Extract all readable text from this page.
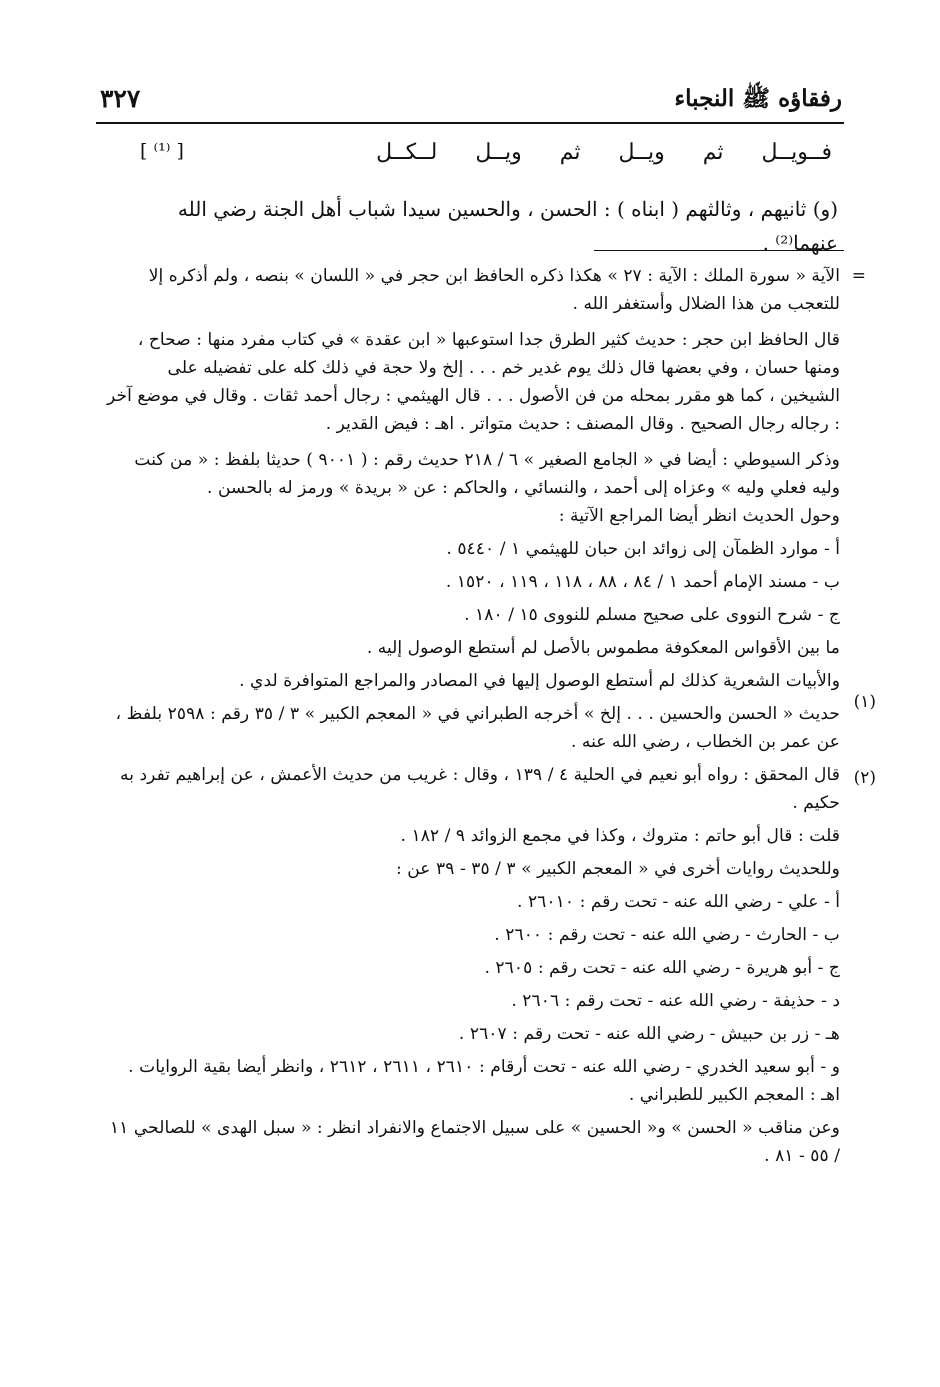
رفقاؤه ﷺ النجباء
٣٢٧
فــويــل
ثم
ويــل
ثم
ويــل
لــكــل
[ ⁽¹⁾ ]
(و) ثانيهم ، وثالثهم ( ابناه ) : الحسن ، والحسين سيدا شباب أهل الجنة رضي الله عنهما⁽²⁾ .
=
(١)
(٢)

الآية « سورة الملك : الآية : ٢٧ » هكذا ذكره الحافظ ابن حجر في « اللسان » بنصه ، ولم أذكره إلا للتعجب من هذا الضلال وأستغفر الله .

قال الحافظ ابن حجر : حديث كثير الطرق جدا استوعبها « ابن عقدة » في كتاب مفرد منها : صحاح ، ومنها حسان ، وفي بعضها قال ذلك يوم غدير خم . . . إلخ ولا حجة في ذلك كله على تفضيله على الشيخين ، كما هو مقرر بمحله من فن الأصول . . . قال الهيثمي : رجال أحمد ثقات . وقال في موضع آخر : رجاله رجال الصحيح . وقال المصنف : حديث متواتر . اهـ : فيض القدير .

وذكر السيوطي : أيضا في « الجامع الصغير » ٦ / ٢١٨ حديث رقم : ( ٩٠٠١ ) حديثا بلفظ : « من كنت وليه فعلي وليه » وعزاه إلى أحمد ، والنسائي ، والحاكم : عن « بريدة » ورمز له بالحسن .

وحول الحديث انظر أيضا المراجع الآتية :

أ - موارد الظمآن إلى زوائد ابن حبان للهيثمي ١ / ٥٤٤٠ .

ب - مسند الإمام أحمد ١ / ٨٤ ، ٨٨ ، ١١٨ ، ١١٩ ، ١٥٢٠ .

ج - شرح النووى على صحيح مسلم للنووى ١٥ / ١٨٠ .

ما بين الأقواس المعكوفة مطموس بالأصل لم أستطع الوصول إليه .

والأبيات الشعرية كذلك لم أستطع الوصول إليها في المصادر والمراجع المتوافرة لدي .

حديث « الحسن والحسين . . . إلخ » أخرجه الطبراني في « المعجم الكبير » ٣ / ٣٥ رقم : ٢٥٩٨ بلفظ ، عن عمر بن الخطاب ، رضي الله عنه .

قال المحقق : رواه أبو نعيم في الحلية ٤ / ١٣٩ ، وقال : غريب من حديث الأعمش ، عن إبراهيم تفرد به حكيم .

قلت : قال أبو حاتم : متروك ، وكذا في مجمع الزوائد ٩ / ١٨٢ .

وللحديث روايات أخرى في « المعجم الكبير » ٣ / ٣٥ - ٣٩ عن :

أ - علي - رضي الله عنه - تحت رقم : ٢٦٠١٠ .

ب - الحارث - رضي الله عنه - تحت رقم : ٢٦٠٠ .

ج - أبو هريرة - رضي الله عنه - تحت رقم : ٢٦٠٥ .

د - حذيفة - رضي الله عنه - تحت رقم : ٢٦٠٦ .

هـ - زر بن حبيش - رضي الله عنه - تحت رقم : ٢٦٠٧ .

و - أبو سعيد الخدري - رضي الله عنه - تحت أرقام : ٢٦١٠ ، ٢٦١١ ، ٢٦١٢ ، وانظر أيضا بقية الروايات . اهـ : المعجم الكبير للطبراني .

وعن مناقب « الحسن » و« الحسين » على سبيل الاجتماع والانفراد انظر : « سبل الهدى » للصالحي ١١ / ٥٥ - ٨١ .
